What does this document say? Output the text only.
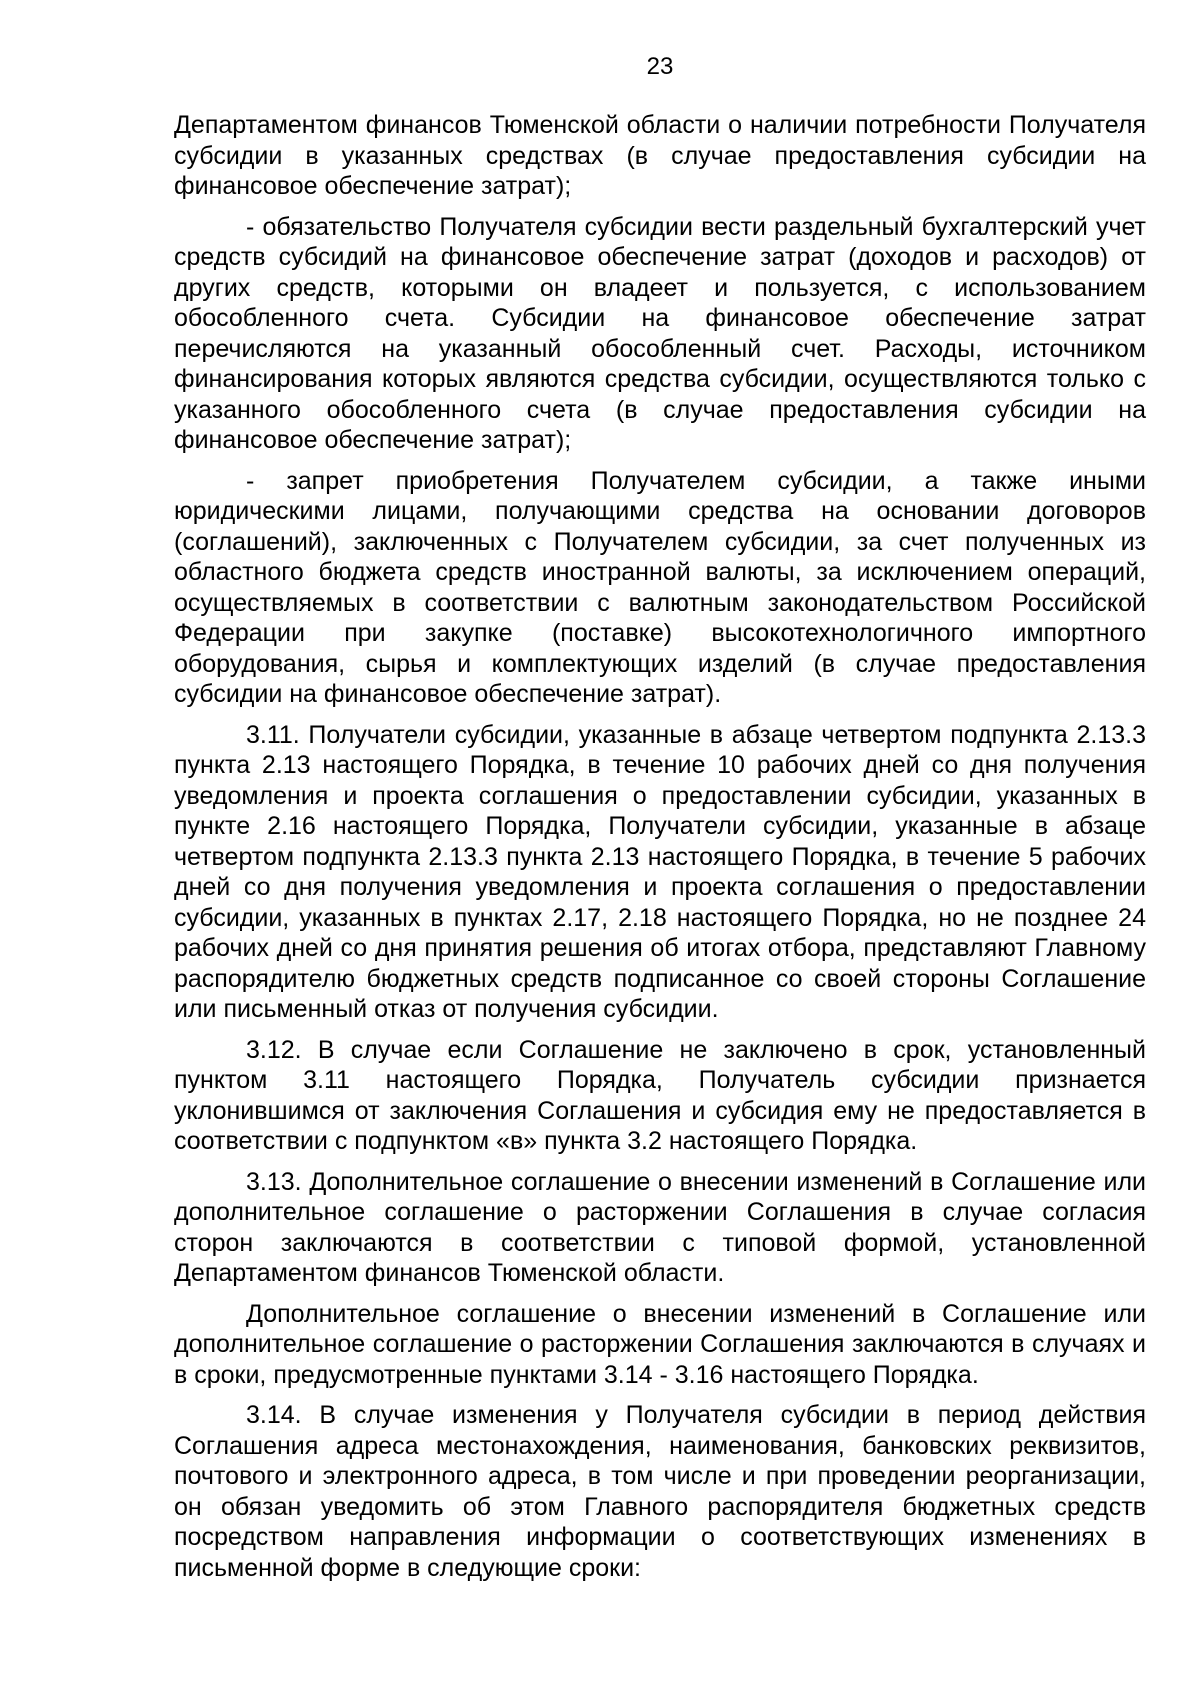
23

Департаментом финансов Тюменской области о наличии потребности Получателя субсидии в указанных средствах (в случае предоставления субсидии на финансовое обеспечение затрат);

- обязательство Получателя субсидии вести раздельный бухгалтерский учет средств субсидий на финансовое обеспечение затрат (доходов и расходов) от других средств, которыми он владеет и пользуется, с использованием обособленного счета. Субсидии на финансовое обеспечение затрат перечисляются на указанный обособленный счет. Расходы, источником финансирования которых являются средства субсидии, осуществляются только с указанного обособленного счета (в случае предоставления субсидии на финансовое обеспечение затрат);

- запрет приобретения Получателем субсидии, а также иными юридическими лицами, получающими средства на основании договоров (соглашений), заключенных с Получателем субсидии, за счет полученных из областного бюджета средств иностранной валюты, за исключением операций, осуществляемых в соответствии с валютным законодательством Российской Федерации при закупке (поставке) высокотехнологичного импортного оборудования, сырья и комплектующих изделий (в случае предоставления субсидии на финансовое обеспечение затрат).

3.11. Получатели субсидии, указанные в абзаце четвертом подпункта 2.13.3 пункта 2.13 настоящего Порядка, в течение 10 рабочих дней со дня получения уведомления и проекта соглашения о предоставлении субсидии, указанных в пункте 2.16 настоящего Порядка, Получатели субсидии, указанные в абзаце четвертом подпункта 2.13.3 пункта 2.13 настоящего Порядка, в течение 5 рабочих дней со дня получения уведомления и проекта соглашения о предоставлении субсидии, указанных в пунктах 2.17, 2.18 настоящего Порядка, но не позднее 24 рабочих дней со дня принятия решения об итогах отбора, представляют Главному распорядителю бюджетных средств подписанное со своей стороны Соглашение или письменный отказ от получения субсидии.

3.12. В случае если Соглашение не заключено в срок, установленный пунктом 3.11 настоящего Порядка, Получатель субсидии признается уклонившимся от заключения Соглашения и субсидия ему не предоставляется в соответствии с подпунктом «в» пункта 3.2 настоящего Порядка.

3.13. Дополнительное соглашение о внесении изменений в Соглашение или дополнительное соглашение о расторжении Соглашения в случае согласия сторон заключаются в соответствии с типовой формой, установленной Департаментом финансов Тюменской области.

Дополнительное соглашение о внесении изменений в Соглашение или дополнительное соглашение о расторжении Соглашения заключаются в случаях и в сроки, предусмотренные пунктами 3.14 - 3.16 настоящего Порядка.

3.14. В случае изменения у Получателя субсидии в период действия Соглашения адреса местонахождения, наименования, банковских реквизитов, почтового и электронного адреса, в том числе и при проведении реорганизации, он обязан уведомить об этом Главного распорядителя бюджетных средств посредством направления информации о соответствующих изменениях в письменной форме в следующие сроки:
